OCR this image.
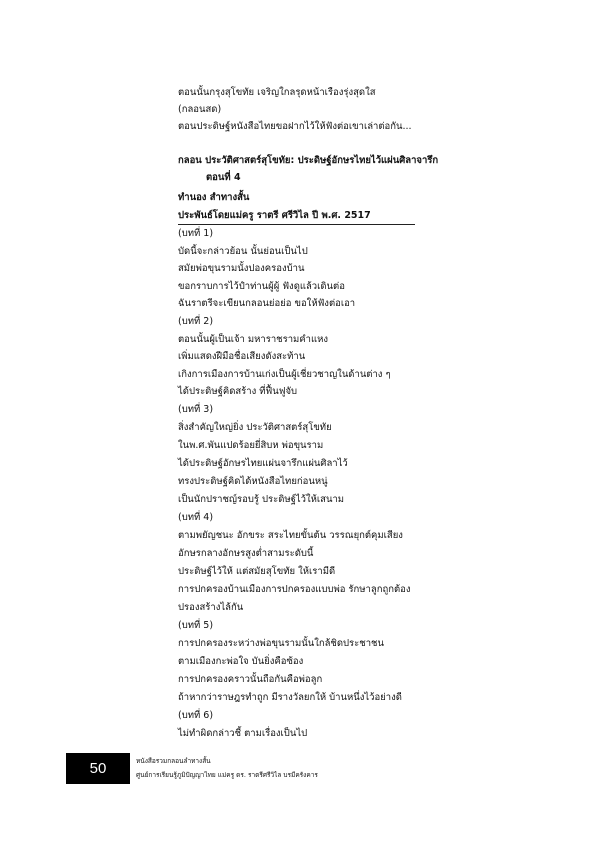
ตอนนั้นกรุงสุโขทัย เจริญใกลรุดหน้าเรืองรุ่งสุดใส
(กลอนสด)
ตอนประดิษฐ์หนังสือไทยขอฝากไว้ให้ฟังต่อเขาเล่าต่อกัน...
กลอน ประวัติศาสตร์สุโขทัย: ประดิษฐ์อักษรไทยไว้แผ่นศิลาจารึก
ตอนที่ 4
ทำนอง สำทางสั้น
ประพันธ์โดยแม่ครู ราตรี ศรีวิไล ปี พ.ศ. 2517
(บทที่ 1)
บัดนี้จะกล่าวย้อน นั้นย่อนเป็นไป
สมัยพ่อขุนรามนั้งปองครองบ้าน
ขอกราบการไว้ปำท่านผู้ผู้ ฟังดูแล้วเดินต่อ
ฉันราตรีจะเขียนกลอนย่อย่อ ขอให้ฟังต่อเอา
(บทที่ 2)
ตอนนั้นผู้เป็นเจ้า มหาราชรามคำแหง
เพิ่มแสดงฝีมือชื่อเสียงดังสะท้าน
เกิงการเมืองการบ้านเก่งเป็นผู้เชี่ยวชาญในด้านต่าง ๆ
ได้ประดิษฐ์คิดสร้าง ที่ฟื้นฟูจับ
(บทที่ 3)
สิ่งสำคัญใหญ่ยิ่ง ประวัติศาสตร์สุโขทัย
ในพ.ศ.พันแปดร้อยยี่สิบห พ่อขุนราม
ได้ประดิษฐ์อักษรไทยแผ่นจารึกแผ่นศิลาไว้
ทรงประดิษฐ์คิดได้หนังสือไทยก่อนหนู่
เป็นนักปราชญ์รอบรู้ ประดิษฐ์ไว้ให้เสนาม
(บทที่ 4)
ตามพยัญชนะ อักขระ สระไทยขั้นต้น วรรณยุกต์คุมเสียง
อักษรกลางอักษรสูงต่ำสามระดับนี้
ประดิษฐ์ไว้ให้ แต่สมัยสุโขทัย ให้เรามีดี
การปกครองบ้านเมืองการปกครองแบบพ่อ รักษาลูกถูกต้อง
ปรองสร้างไล้กัน
(บทที่ 5)
การปกครองระหว่างพ่อขุนรามนั้นใกล้ชิดประชาชน
ตามเมืองกะพ่อใจ บันยิ่งคือซ้อง
การปกครองคราวนั้นถือกันคือพ่อลูก
ถ้าหากว่าราษฎรทำถูก มีรางวัลยกให้ บ้านหนึ่งไว้อย่างดี
(บทที่ 6)
ไม่ทำผิดกล่าวชี้ ตามเรื่องเป็นไป
50	หนังสือรวมกลอนลำทางสั้น
ศูนย์การเรียนรู้ภูมิปัญญาไทย แม่ครู ดร. ราตรีศรีวิไล บรมีครังคาร
